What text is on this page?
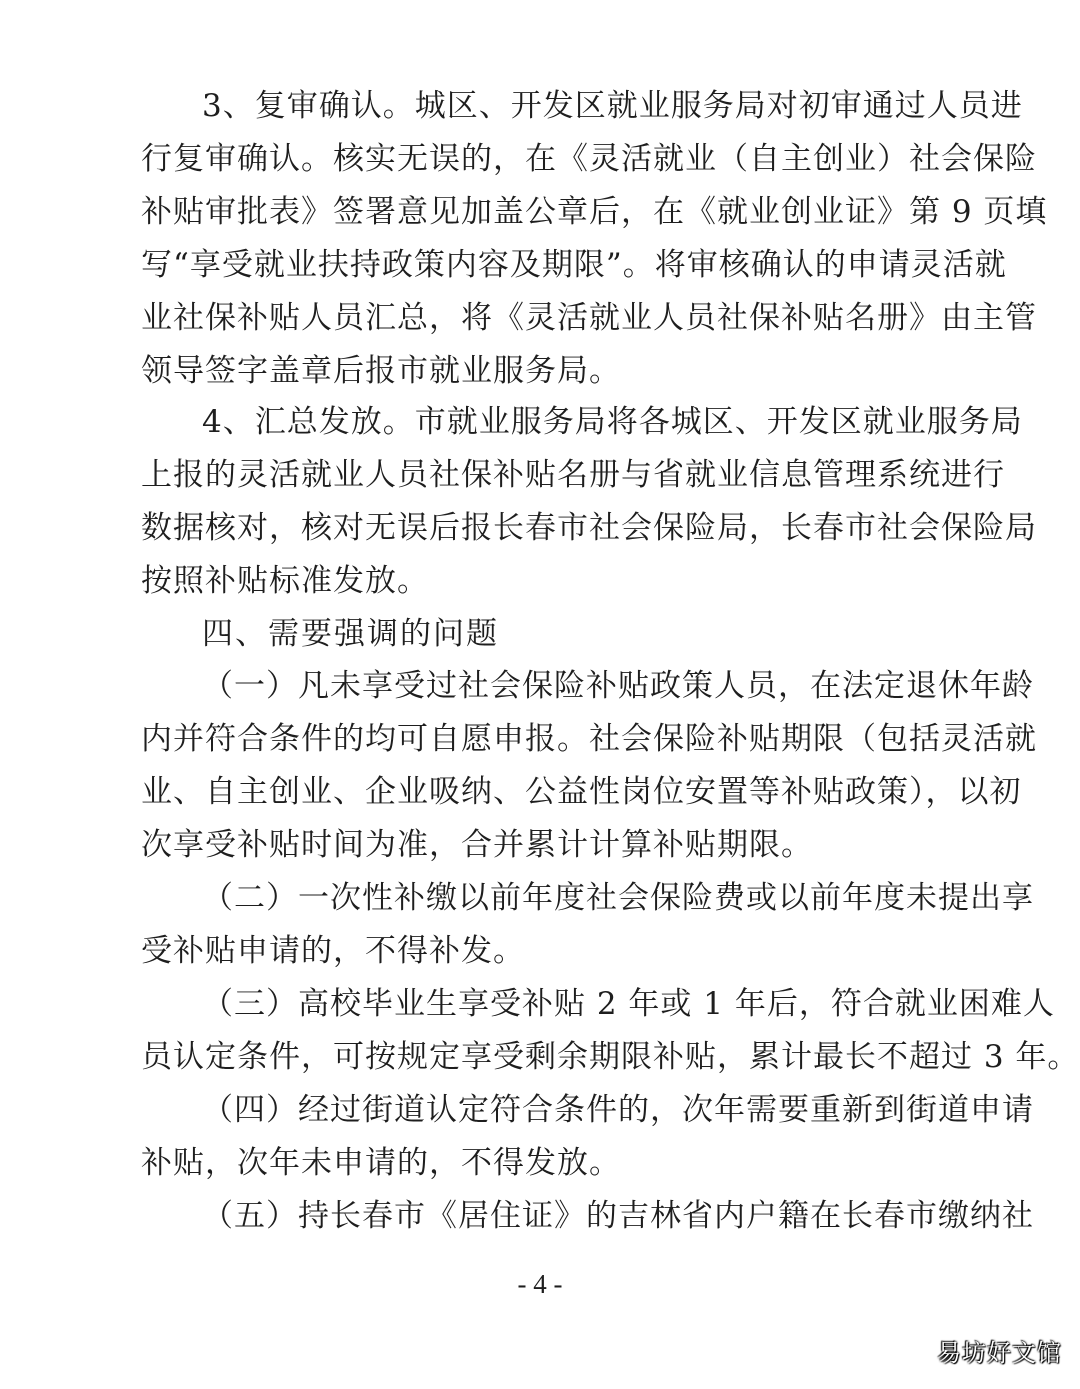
3、复审确认。城区、开发区就业服务局对初审通过人员进
行复审确认。核实无误的，在《灵活就业（自主创业）社会保险
补贴审批表》签署意见加盖公章后，在《就业创业证》第 9 页填
写“享受就业扶持政策内容及期限”。将审核确认的申请灵活就
业社保补贴人员汇总，将《灵活就业人员社保补贴名册》由主管
领导签字盖章后报市就业服务局。
4、汇总发放。市就业服务局将各城区、开发区就业服务局
上报的灵活就业人员社保补贴名册与省就业信息管理系统进行
数据核对，核对无误后报长春市社会保险局，长春市社会保险局
按照补贴标准发放。
四、需要强调的问题
（一）凡未享受过社会保险补贴政策人员，在法定退休年龄
内并符合条件的均可自愿申报。社会保险补贴期限（包括灵活就
业、自主创业、企业吸纳、公益性岗位安置等补贴政策），以初
次享受补贴时间为准，合并累计计算补贴期限。
（二）一次性补缴以前年度社会保险费或以前年度未提出享
受补贴申请的，不得补发。
（三）高校毕业生享受补贴 2 年或 1 年后，符合就业困难人
员认定条件，可按规定享受剩余期限补贴，累计最长不超过 3 年。
（四）经过街道认定符合条件的，次年需要重新到街道申请
补贴，次年未申请的，不得发放。
（五）持长春市《居住证》的吉林省内户籍在长春市缴纳社
- 4 -
易坊好文馆
